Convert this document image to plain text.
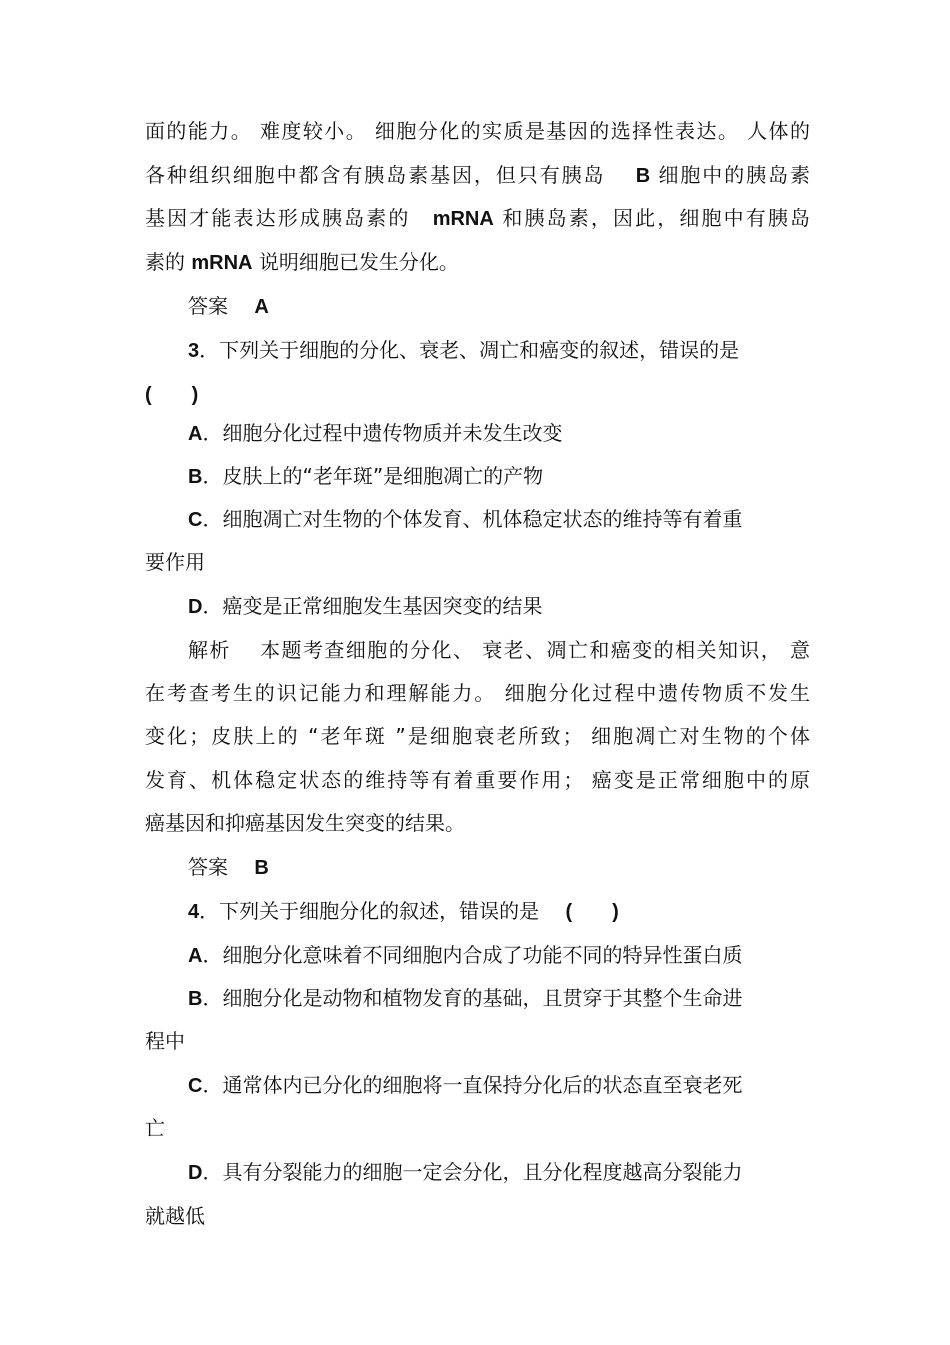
面的能力。 难度较小。 细胞分化的实质是基因的选择性表达。 人体的
各种组织细胞中都含有胰岛素基因，但只有胰岛　 B 细胞中的胰岛素
基因才能表达形成胰岛素的　mRNA 和胰岛素，因此，细胞中有胰岛
素的 mRNA 说明细胞已发生分化。
答案　 A
3．下列关于细胞的分化、衰老、凋亡和癌变的叙述，错误的是
(　　)
A．细胞分化过程中遗传物质并未发生改变
B．皮肤上的“老年斑”是细胞凋亡的产物
C．细胞凋亡对生物的个体发育、机体稳定状态的维持等有着重
要作用
D．癌变是正常细胞发生基因突变的结果
解析　 本题考查细胞的分化、 衰老、凋亡和癌变的相关知识， 意
在考查考生的识记能力和理解能力。 细胞分化过程中遗传物质不发生
变化；皮肤上的 “老年斑 ”是细胞衰老所致； 细胞凋亡对生物的个体
发育、机体稳定状态的维持等有着重要作用； 癌变是正常细胞中的原
癌基因和抑癌基因发生突变的结果。
答案　 B
4．下列关于细胞分化的叙述，错误的是　 (　　)
A．细胞分化意味着不同细胞内合成了功能不同的特异性蛋白质
B．细胞分化是动物和植物发育的基础，且贯穿于其整个生命进
程中
C．通常体内已分化的细胞将一直保持分化后的状态直至衰老死
亡
D．具有分裂能力的细胞一定会分化，且分化程度越高分裂能力
就越低
